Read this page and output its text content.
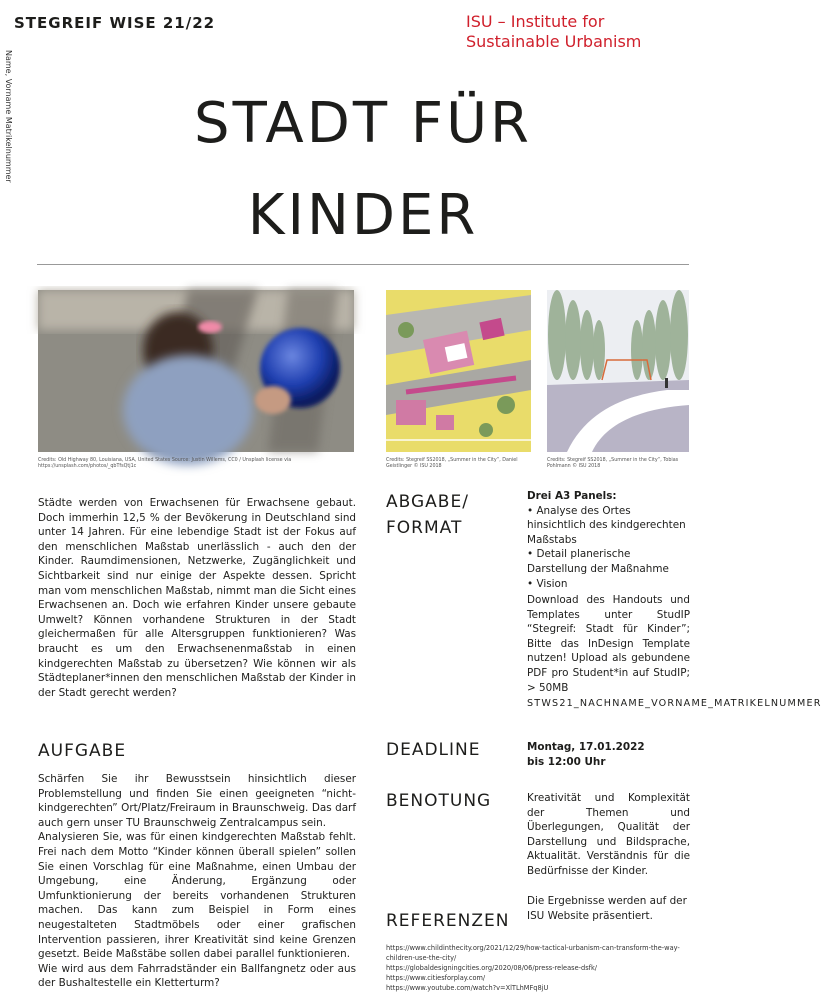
STEGREIF WISE 21/22	ISU – Institute for
Sustainable Urbanism
Name, Vorname Matrikelnummer	STADT FÜR
KINDER
Credits: Old Highway 80, Louisiana, USA, United States Source: Justin Willems, CC0 / Unsplash license via https://unsplash.com/photos/_qbTfsQtj1c
Credits: Stegreif SS2018, „Summer in the City“, Daniel Geistlinger © ISU 2018
Credits: Stegreif SS2018, „Summer in the City“, Tobias Pohlmann © ISU 2018
Städte werden von Erwachsenen für Erwachsene gebaut. Doch immerhin 12,5 % der Bevökerung in Deutschland sind unter 14 Jahren. Für eine lebendige Stadt ist der Fokus auf den menschlichen Maßstab unerlässlich - auch den der Kinder. Raumdimensionen, Netzwerke, Zugänglichkeit und Sichtbarkeit sind nur einige der Aspekte dessen. Spricht man vom menschlichen Maßstab, nimmt man die Sicht eines Erwachsenen an. Doch wie erfahren Kinder unsere gebaute Umwelt? Können vorhandene Strukturen in der Stadt gleichermaßen für alle Altersgruppen funktionieren? Was braucht es um den Erwachsenenmaßstab in einen kindgerechten Maßstab zu übersetzen? Wie können wir als Städteplaner*innen den menschlichen Maßstab der Kinder in der Stadt gerecht werden?
AUFGABE

Schärfen Sie ihr Bewusstsein hinsichtlich dieser Problemstellung und finden Sie einen geeigneten “nicht-kindgerechten” Ort/Platz/Freiraum in Braunschweig. Das darf auch gern unser TU Braunschweig Zentralcampus sein.

Analysieren Sie, was für einen kindgerechten Maßstab fehlt. Frei nach dem Motto “Kinder können überall spielen” sollen Sie einen Vorschlag für eine Maßnahme, einen Umbau der Umgebung, eine Änderung, Ergänzung oder Umfunktionierung der bereits vorhandenen Strukturen machen. Das kann zum Beispiel in Form eines neugestalteten Stadtmöbels oder einer grafischen Intervention passieren, ihrer Kreativität sind keine Grenzen gesetzt. Beide Maßstäbe sollen dabei parallel funktionieren.

Wie wird aus dem Fahrradständer ein Ballfangnetz oder aus der Bushaltestelle ein Kletterturm?

ABGABE/
FORMAT
Drei A3 Panels:
• Analyse des Ortes hinsichtlich des kindgerechten Maßstabs
• Detail planerische Darstellung der Maßnahme
• Vision
Download des Handouts und Templates unter StudIP “Stegreif: Stadt für Kinder”; Bitte das InDesign Template nutzen! Upload als gebundene PDF pro Student*in auf StudIP; > 50MB
STWS21_NACHNAME_VORNAME_MATRIKELNUMMER
DEADLINE	Montag, 17.01.2022
bis 12:00 Uhr
BENOTUNG	Kreativität und Komplexität der Themen und Überlegungen, Qualität der Darstellung und Bildsprache, Aktualität. Verständnis für die Bedürfnisse der Kinder.
Die Ergebnisse werden auf der ISU Website präsentiert.
REFERENZEN
https://www.childinthecity.org/2021/12/29/how-tactical-urbanism-can-transform-the-way-children-use-the-city/
https://globaldesigningcities.org/2020/08/06/press-release-dsfk/
https://www.citiesforplay.com/
https://www.youtube.com/watch?v=XlTLhMFq8jU
